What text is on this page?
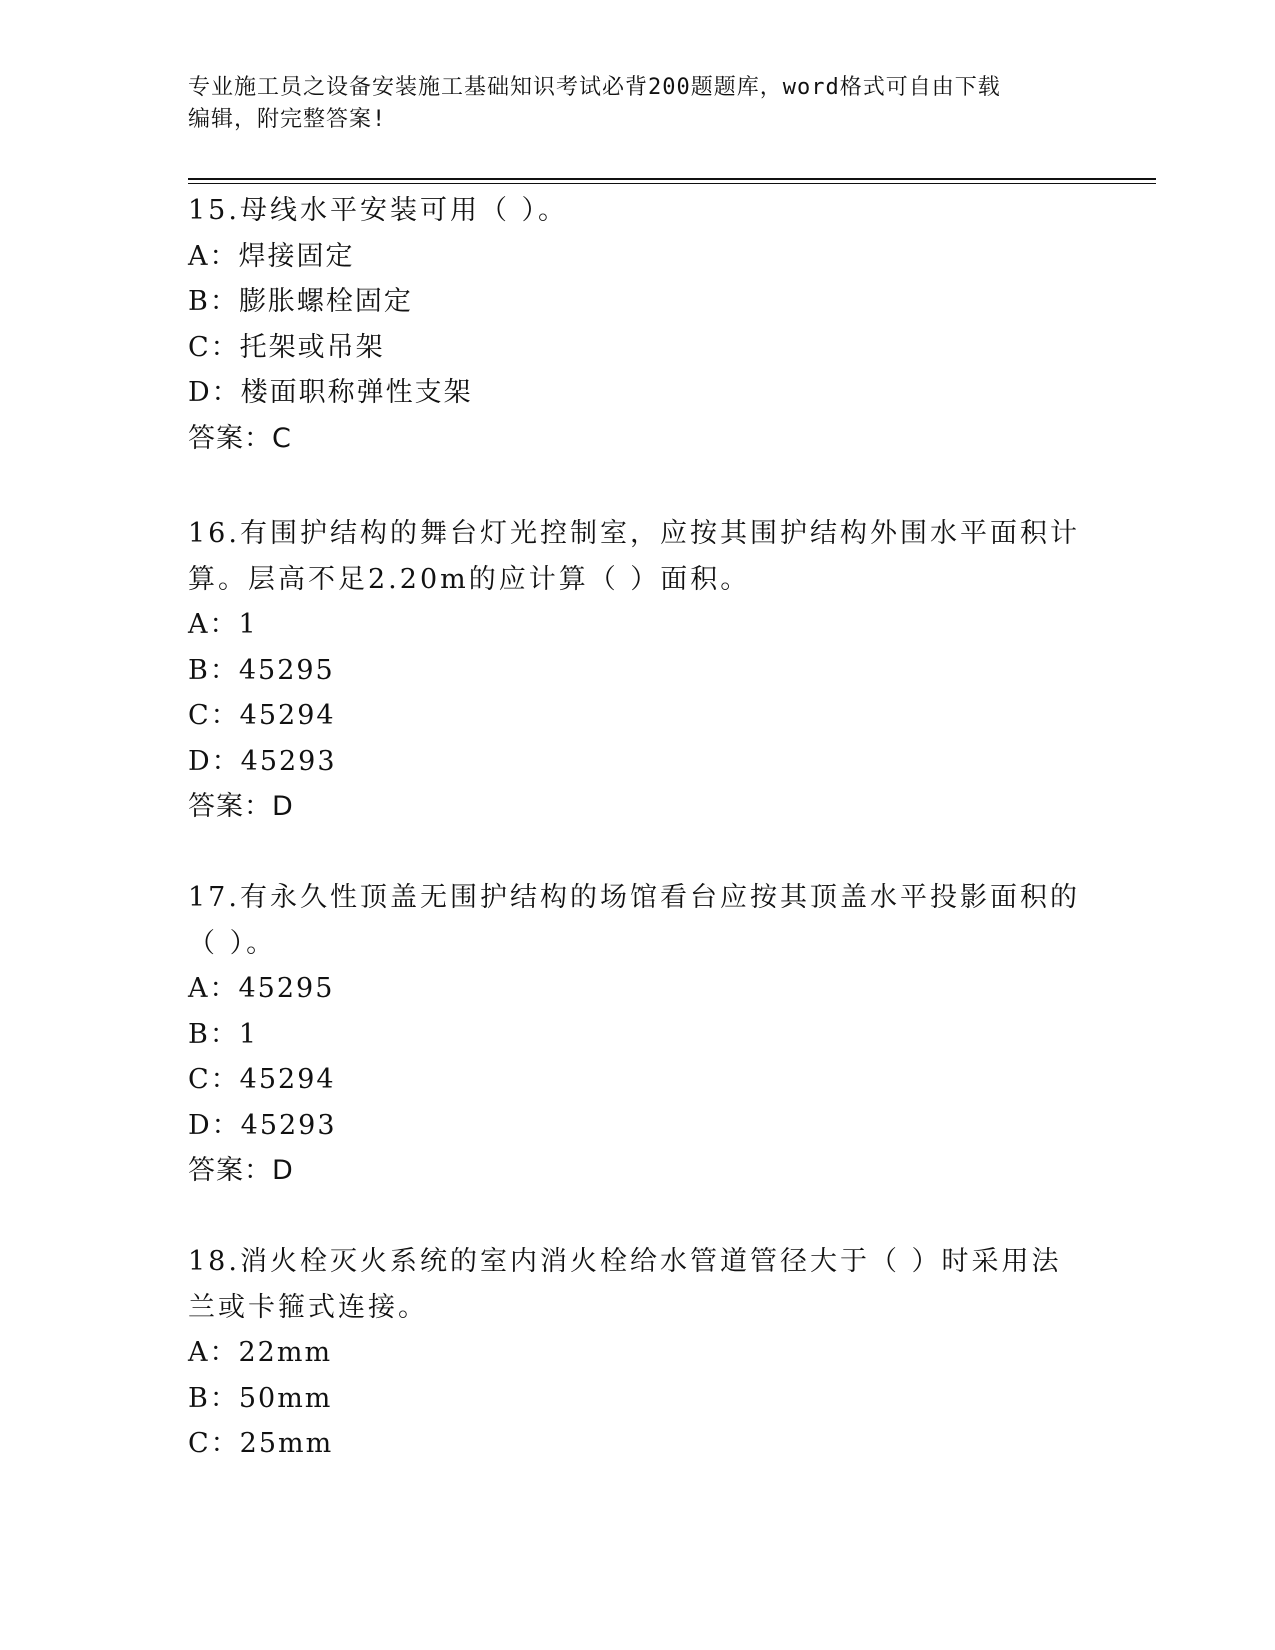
专业施工员之设备安装施工基础知识考试必背200题题库，word格式可自由下载
编辑，附完整答案!

15.母线水平安装可用（ ）。

A：焊接固定

B：膨胀螺栓固定

C：托架或吊架

D：楼面职称弹性支架

答案：C

16.有围护结构的舞台灯光控制室，应按其围护结构外围水平面积计算。层高不足2.20m的应计算（ ）面积。

A：1

B：45295

C：45294

D：45293

答案：D

17.有永久性顶盖无围护结构的场馆看台应按其顶盖水平投影面积的（ ）。

A：45295

B：1

C：45294

D：45293

答案：D

18.消火栓灭火系统的室内消火栓给水管道管径大于（ ）时采用法兰或卡箍式连接。

A：22mm

B：50mm

C：25mm
